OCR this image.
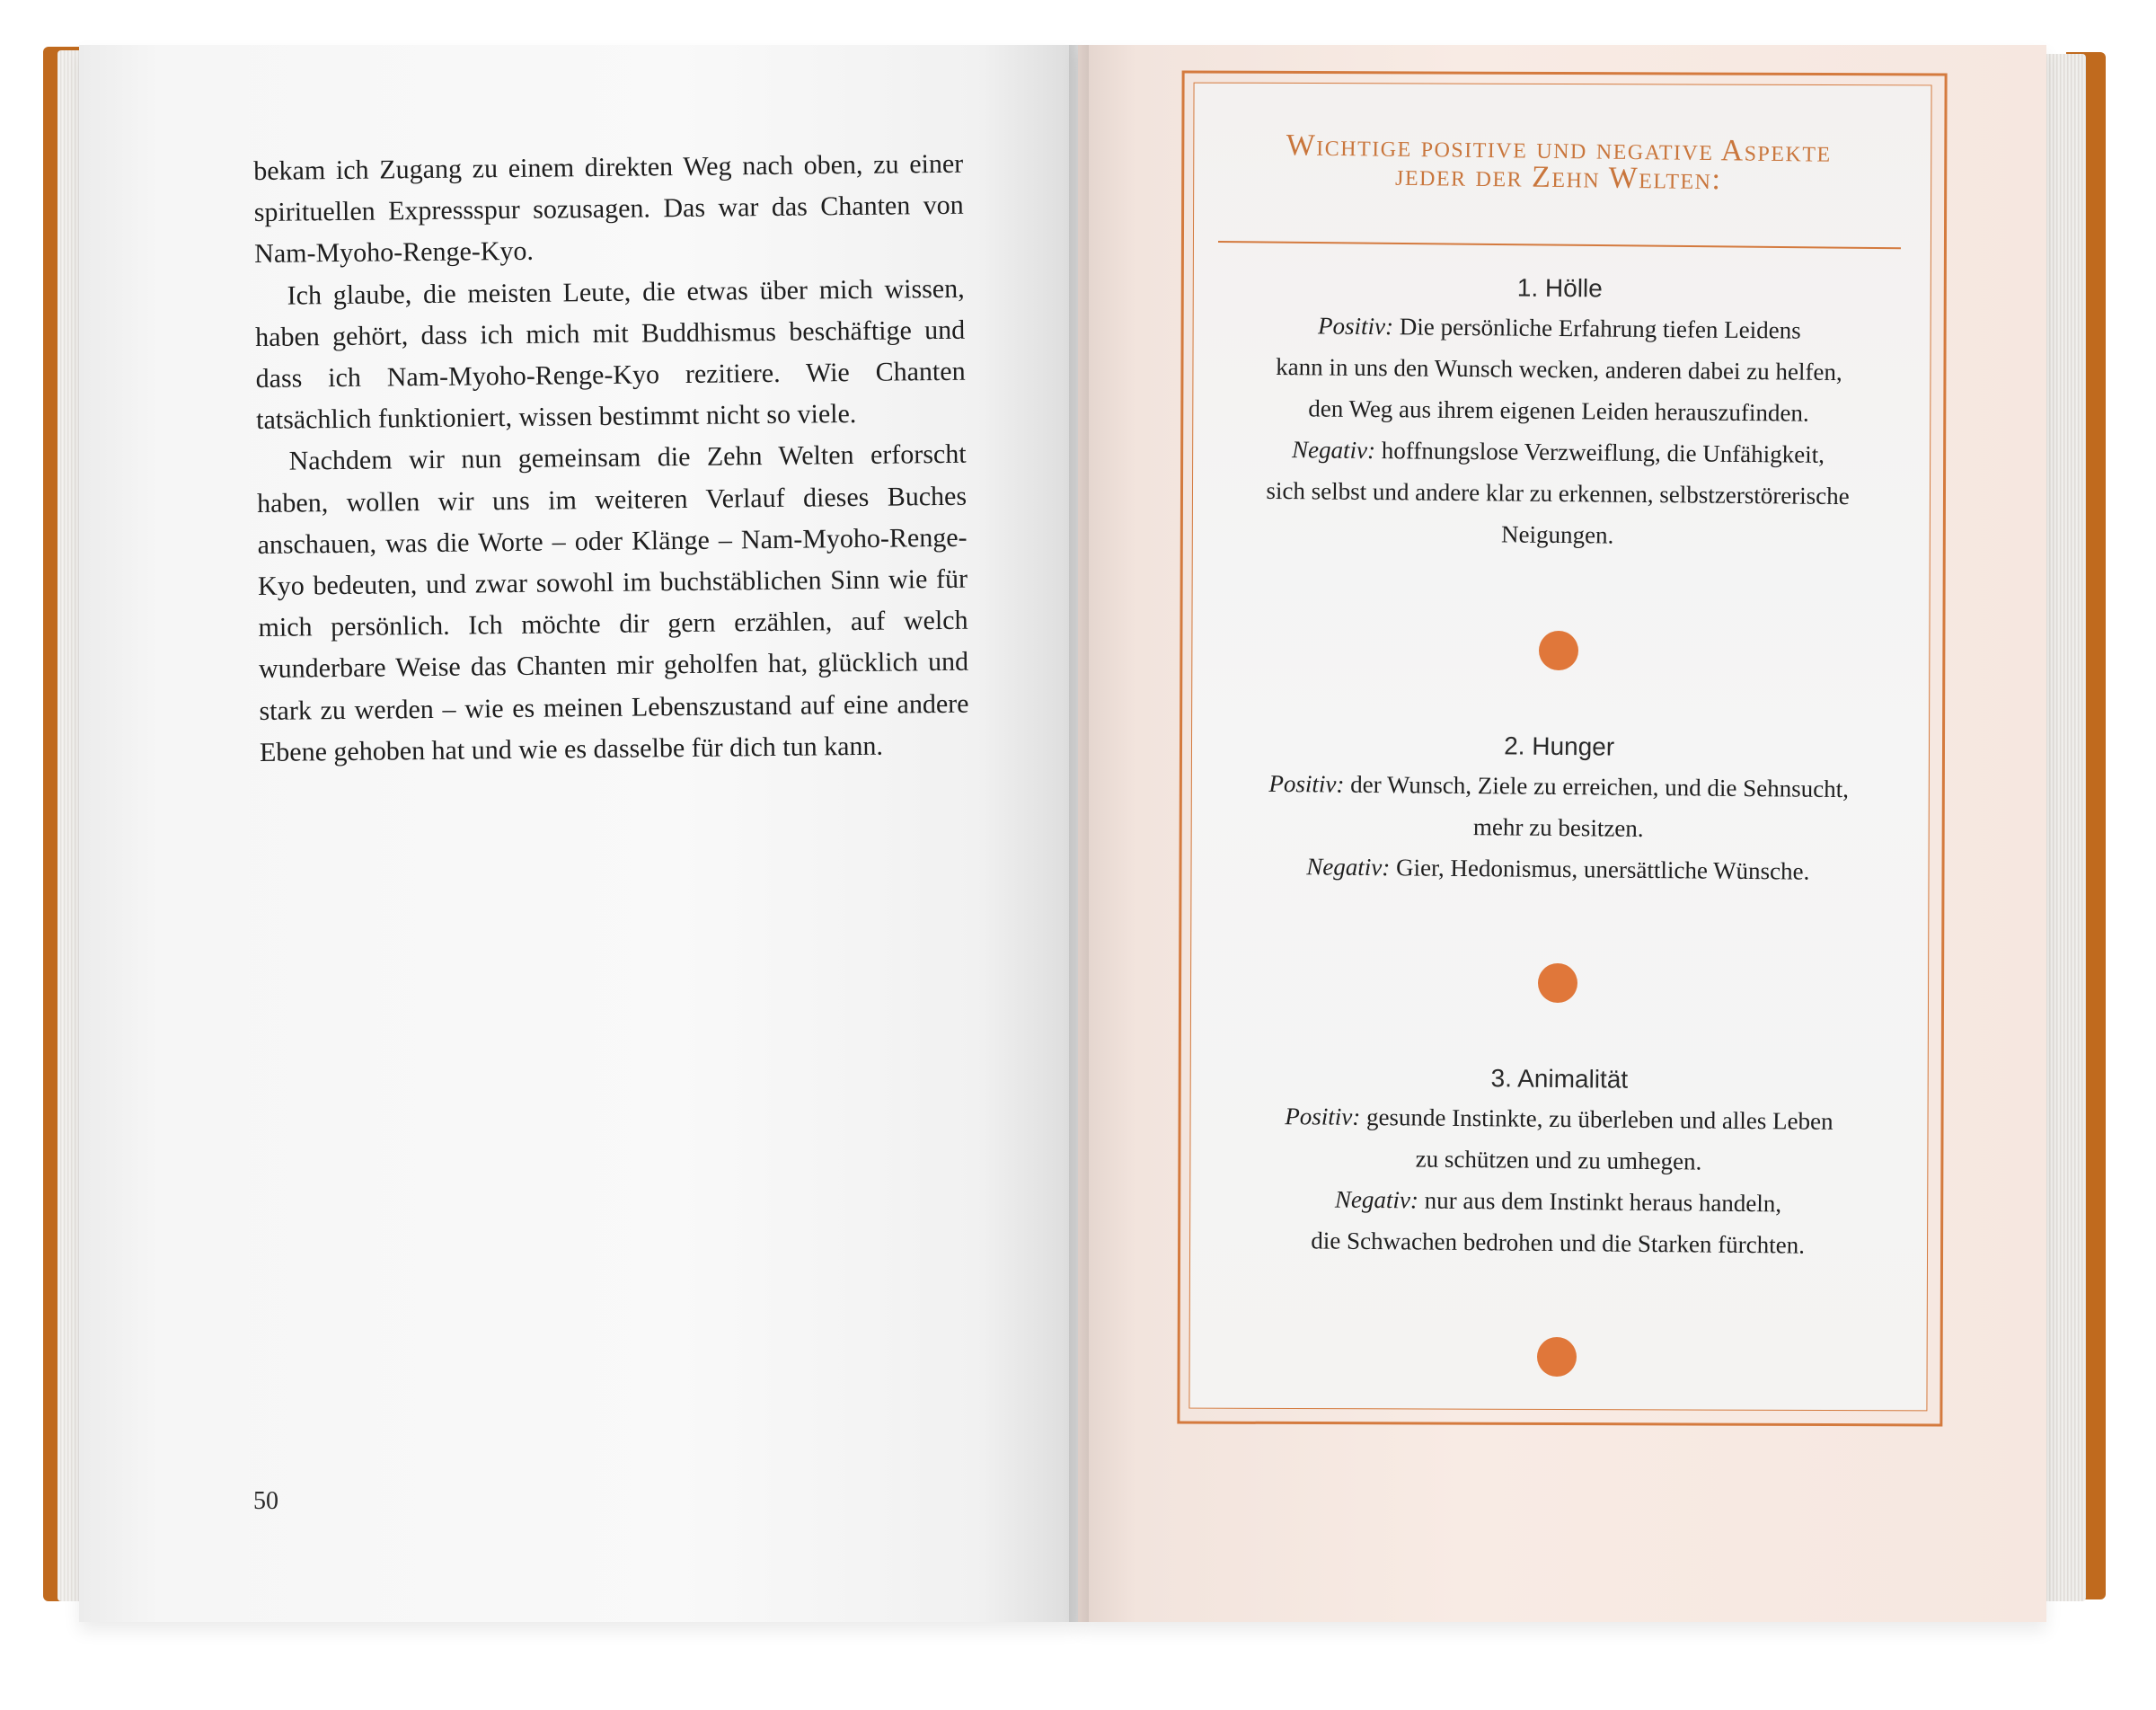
bekam ich Zugang zu einem direkten Weg nach oben, zu einer spirituellen Expressspur sozusagen. Das war das Chanten von Nam-Myoho-Renge-Kyo.

Ich glaube, die meisten Leute, die etwas über mich wissen, haben gehört, dass ich mich mit Buddhismus beschäftige und dass ich Nam-Myoho-Renge-Kyo rezitiere. Wie Chanten tatsächlich funktioniert, wissen bestimmt nicht so viele.

Nachdem wir nun gemeinsam die Zehn Welten erforscht haben, wollen wir uns im weiteren Verlauf dieses Buches anschauen, was die Worte – oder Klänge – Nam-Myoho-Renge-Kyo bedeuten, und zwar sowohl im buchstäblichen Sinn wie für mich persönlich. Ich möchte dir gern erzählen, auf welch wunderbare Weise das Chanten mir geholfen hat, glücklich und stark zu werden – wie es meinen Lebenszustand auf eine andere Ebene gehoben hat und wie es dasselbe für dich tun kann.

50
Wichtige positive und negative Aspekte
jeder der Zehn Welten:
1. Hölle
Positiv: Die persönliche Erfahrung tiefen Leidens
kann in uns den Wunsch wecken, anderen dabei zu helfen,
den Weg aus ihrem eigenen Leiden herauszufinden.
Negativ: hoffnungslose Verzweiflung, die Unfähigkeit,
sich selbst und andere klar zu erkennen, selbstzerstörerische
Neigungen.
2. Hunger
Positiv: der Wunsch, Ziele zu erreichen, und die Sehnsucht,
mehr zu besitzen.
Negativ: Gier, Hedonismus, unersättliche Wünsche.
3. Animalität
Positiv: gesunde Instinkte, zu überleben und alles Leben
zu schützen und zu umhegen.
Negativ: nur aus dem Instinkt heraus handeln,
die Schwachen bedrohen und die Starken fürchten.
